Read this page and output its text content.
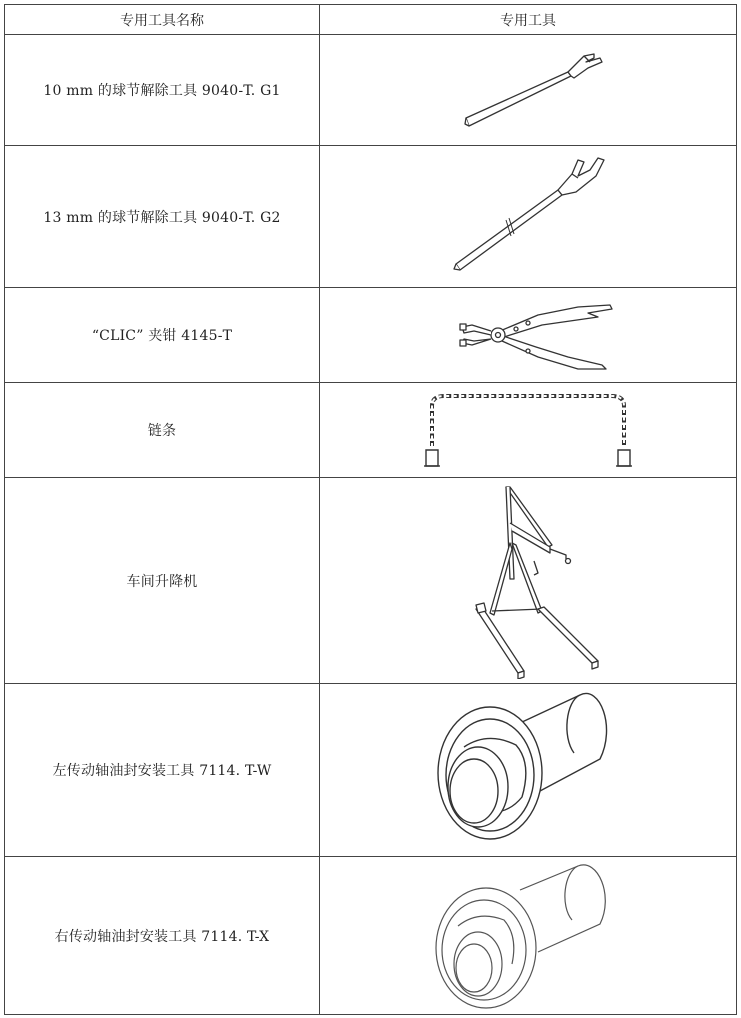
专用工具名称	专用工具
10 mm 的球节解除工具 9040-T. G1	

13 mm 的球节解除工具 9040-T. G2	

“CLIC” 夹钳 4145-T	

链条	

车间升降机	

左传动轴油封安装工具 7114. T-W	

右传动轴油封安装工具 7114. T-X	
